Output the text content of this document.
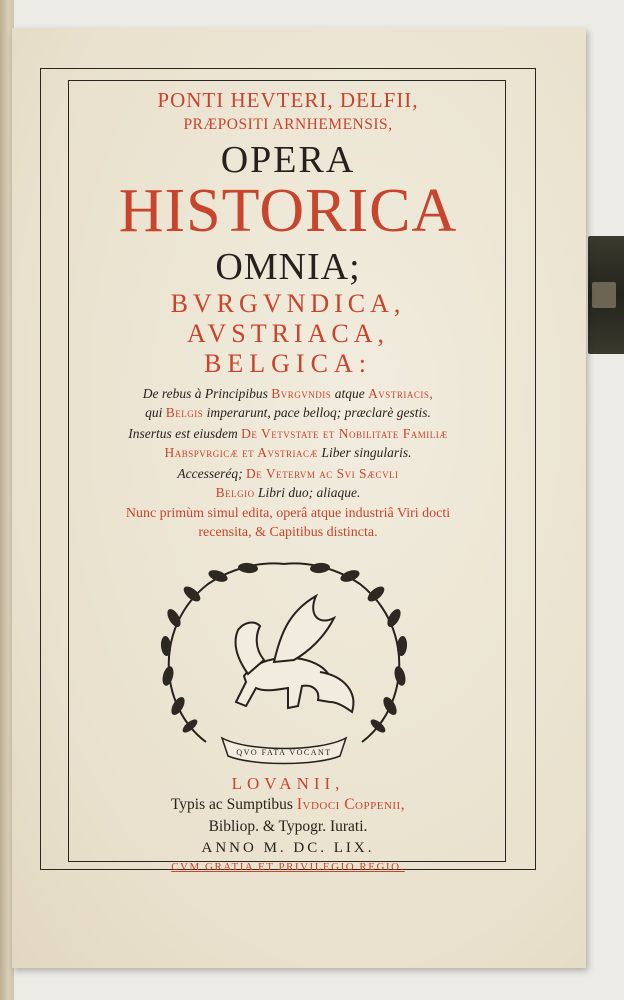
PONTI HEVTERI, DELFII,

PRÆPOSITI ARNHEMENSIS,

OPERA

HISTORICA

OMNIA;

BVRGVNDICA,

AVSTRIACA,

BELGICA:

De rebus à Principibus Bvrgvndis atque Avstriacis,

qui Belgis imperarunt, pace belloq; præclarè gestis.

Insertus est eiusdem De Vetvstate et Nobilitate Familiæ

Habspvrgicæ et Avstriacæ Liber singularis.

Accesseréq; De Vetervm ac Svi Sæcvli

Belgio Libri duo; aliaque.

Nunc primùm simul edita, operâ atque industriâ Viri docti

recensita, & Capitibus distincta.

QVO FATA VOCANT

LOVANII,

Typis ac Sumptibus Ivdoci Coppenii,

Bibliop. & Typogr. Iurati.

ANNO M. DC. LIX.

CVM GRATIA ET PRIVILEGIO REGIO.
